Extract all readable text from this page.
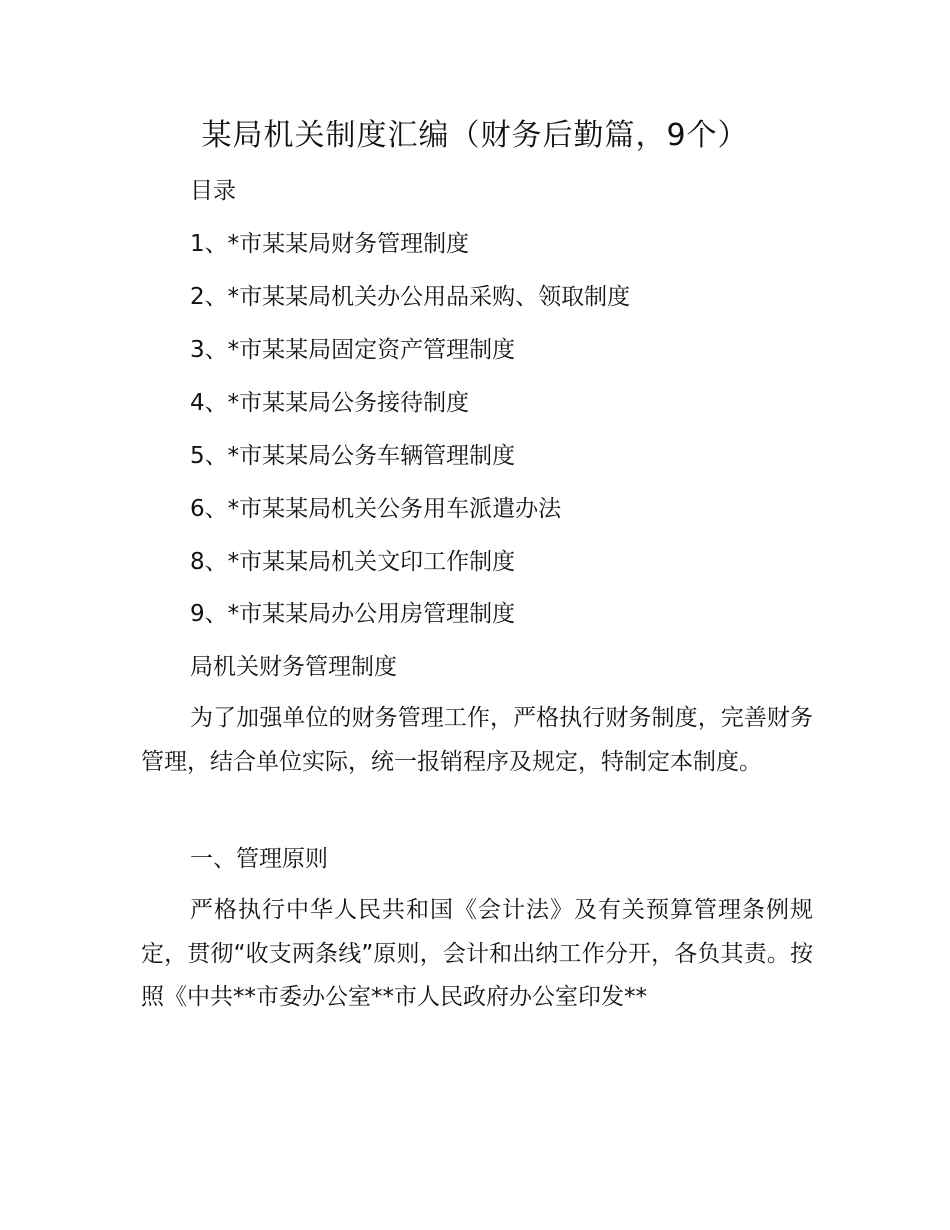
某局机关制度汇编（财务后勤篇，9个）
目录
1、*市某某局财务管理制度
2、*市某某局机关办公用品采购、领取制度
3、*市某某局固定资产管理制度
4、*市某某局公务接待制度
5、*市某某局公务车辆管理制度
6、*市某某局机关公务用车派遣办法
8、*市某某局机关文印工作制度
9、*市某某局办公用房管理制度
局机关财务管理制度
为了加强单位的财务管理工作，严格执行财务制度，完善财务管理，结合单位实际，统一报销程序及规定，特制定本制度。
一、管理原则
严格执行中华人民共和国《会计法》及有关预算管理条例规定，贯彻“收支两条线”原则，会计和出纳工作分开，各负其责。按照《中共**市委办公室**市人民政府办公室印发**
